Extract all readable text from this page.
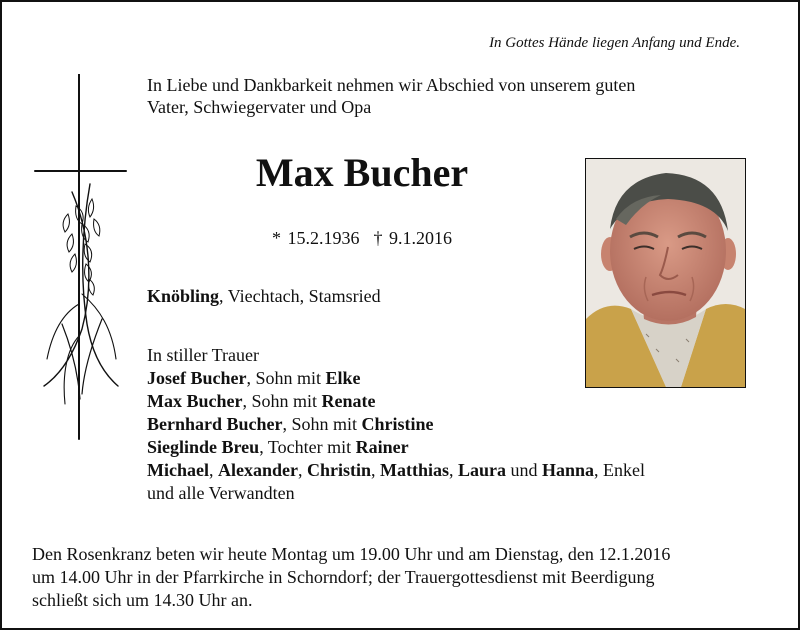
In Gottes Hände liegen Anfang und Ende.
In Liebe und Dankbarkeit nehmen wir Abschied von unserem guten
Vater, Schwiegervater und Opa
Max Bucher
* 15.2.1936 † 9.1.2016
Knöbling, Viechtach, Stamsried
In stiller Trauer
Josef Bucher, Sohn mit Elke
Max Bucher, Sohn mit Renate
Bernhard Bucher, Sohn mit Christine
Sieglinde Breu, Tochter mit Rainer
Michael, Alexander, Christin, Matthias, Laura und Hanna, Enkel
und alle Verwandten
Den Rosenkranz beten wir heute Montag um 19.00 Uhr und am Dienstag, den 12.1.2016
um 14.00 Uhr in der Pfarrkirche in Schorndorf; der Trauergottesdienst mit Beerdigung
schließt sich um 14.30 Uhr an.
